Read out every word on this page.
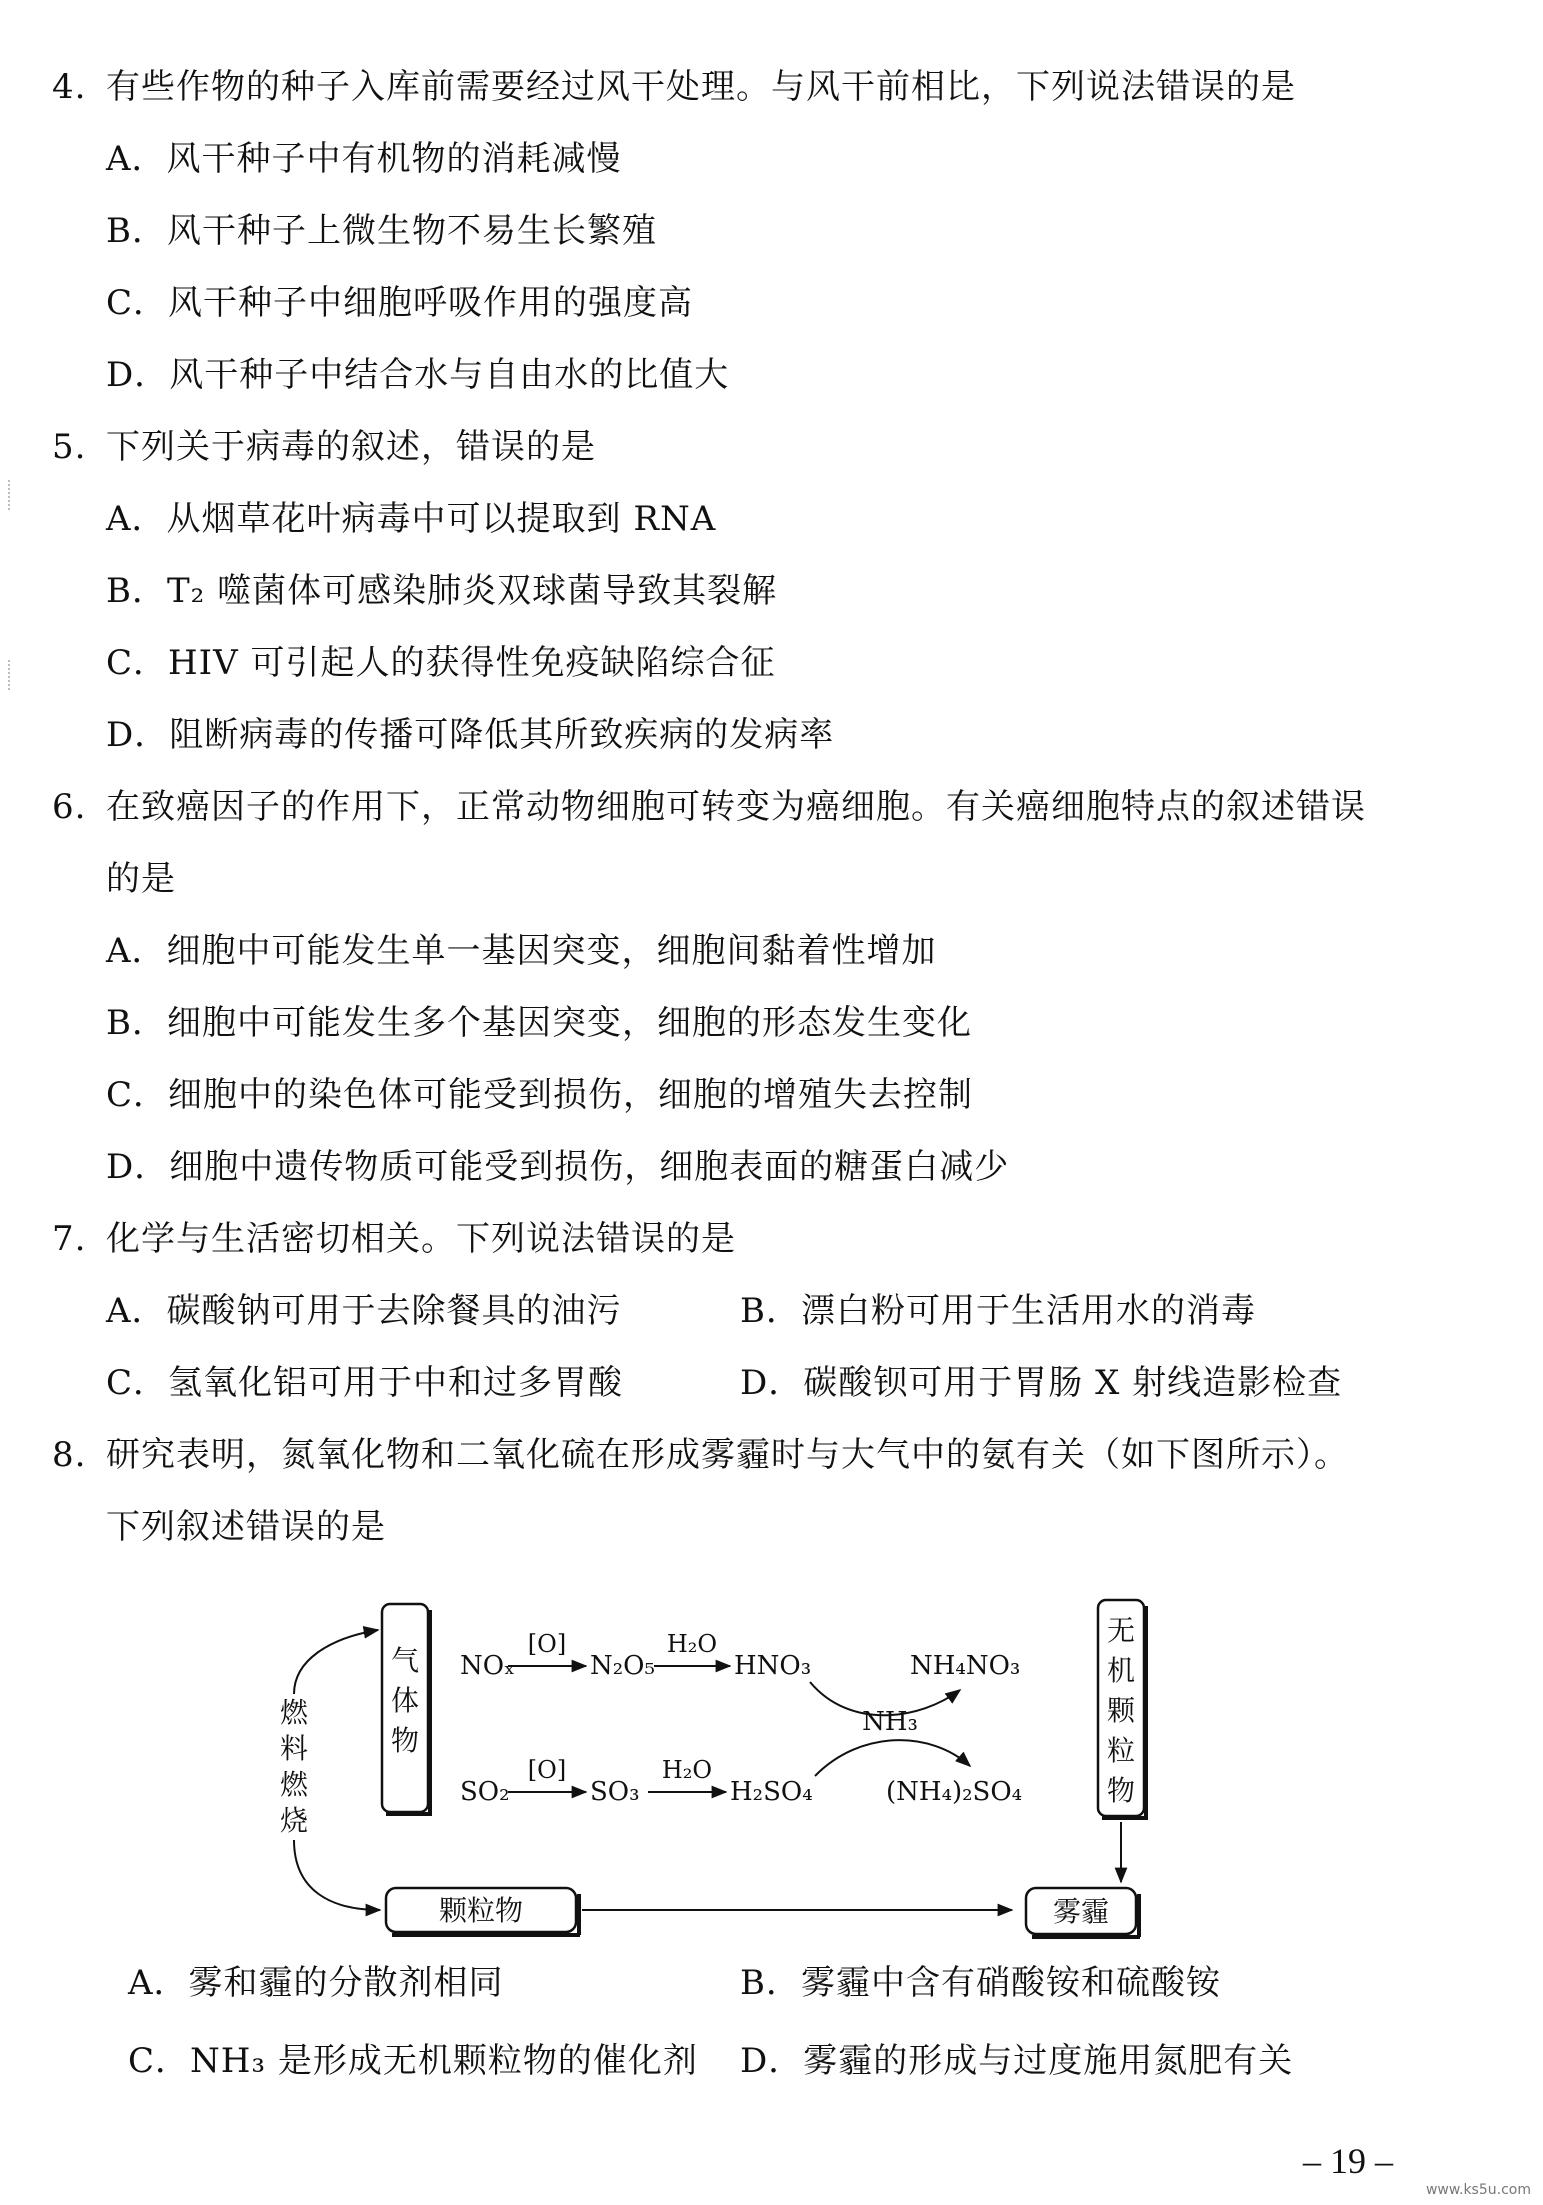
4. 有些作物的种子入库前需要经过风干处理。与风干前相比，下列说法错误的是
A．风干种子中有机物的消耗减慢
B．风干种子上微生物不易生长繁殖
C．风干种子中细胞呼吸作用的强度高
D．风干种子中结合水与自由水的比值大
5. 下列关于病毒的叙述，错误的是
A．从烟草花叶病毒中可以提取到 RNA
B．T₂ 噬菌体可感染肺炎双球菌导致其裂解
C．HIV 可引起人的获得性免疫缺陷综合征
D．阻断病毒的传播可降低其所致疾病的发病率
6. 在致癌因子的作用下，正常动物细胞可转变为癌细胞。有关癌细胞特点的叙述错误
的是
A．细胞中可能发生单一基因突变，细胞间黏着性增加
B．细胞中可能发生多个基因突变，细胞的形态发生变化
C．细胞中的染色体可能受到损伤，细胞的增殖失去控制
D．细胞中遗传物质可能受到损伤，细胞表面的糖蛋白减少
7. 化学与生活密切相关。下列说法错误的是
A．碳酸钠可用于去除餐具的油污	B．漂白粉可用于生活用水的消毒
C．氢氧化铝可用于中和过多胃酸	D．碳酸钡可用于胃肠 X 射线造影检查
8. 研究表明，氮氧化物和二氧化硫在形成雾霾时与大气中的氨有关（如下图所示）。
下列叙述错误的是
气体物
无机颗粒物
燃料燃烧
颗粒物	雾霾
NOₓ
[O]
N₂O₅
H₂O
HNO₃	NH₄NO₃
NH₃
SO₂
[O]
SO₃
H₂O
H₂SO₄	(NH₄)₂SO₄
A．雾和霾的分散剂相同	B．雾霾中含有硝酸铵和硫酸铵
C．NH₃ 是形成无机颗粒物的催化剂 D．雾霾的形成与过度施用氮肥有关
– 19 –
www.ks5u.com
